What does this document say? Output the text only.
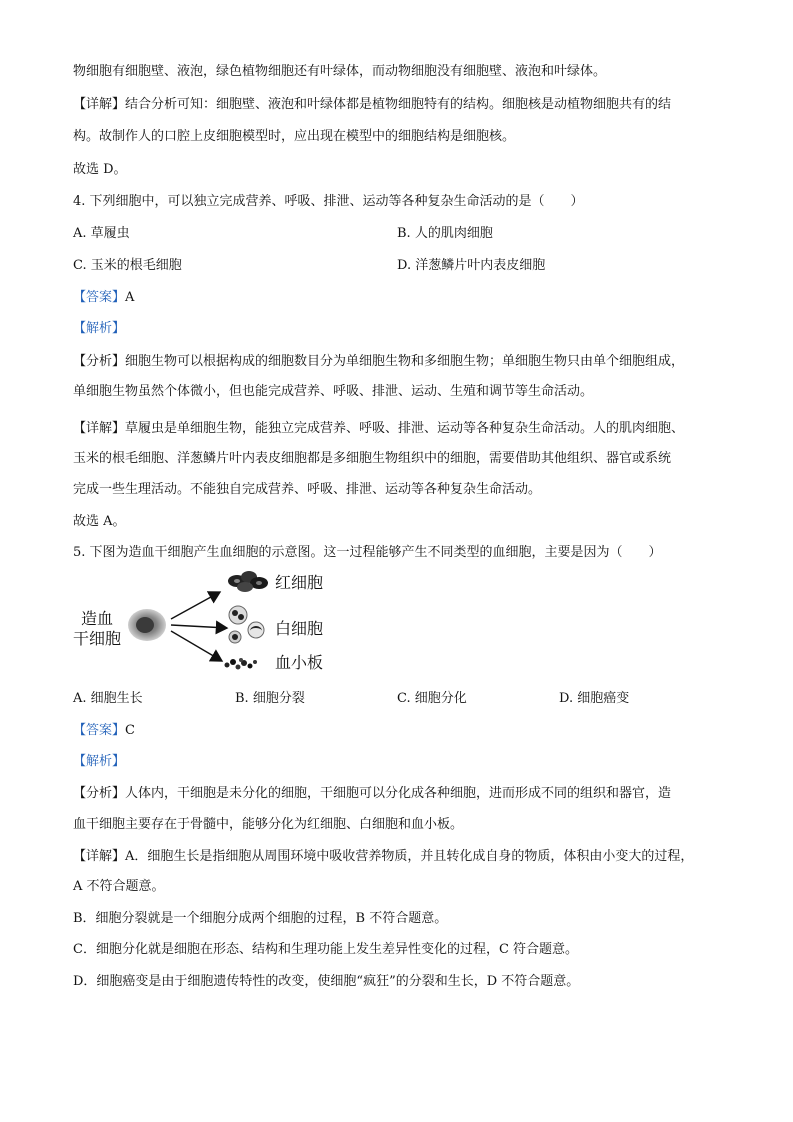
物细胞有细胞壁、液泡，绿色植物细胞还有叶绿体，而动物细胞没有细胞壁、液泡和叶绿体。
【详解】结合分析可知：细胞壁、液泡和叶绿体都是植物细胞特有的结构。细胞核是动植物细胞共有的结
构。故制作人的口腔上皮细胞模型时，应出现在模型中的细胞结构是细胞核。
故选 D。
4. 下列细胞中，可以独立完成营养、呼吸、排泄、运动等各种复杂生命活动的是（　　）
A. 草履虫	B. 人的肌肉细胞
C. 玉米的根毛细胞	D. 洋葱鳞片叶内表皮细胞
【答案】A
【解析】
【分析】细胞生物可以根据构成的细胞数目分为单细胞生物和多细胞生物；单细胞生物只由单个细胞组成，
单细胞生物虽然个体微小，但也能完成营养、呼吸、排泄、运动、生殖和调节等生命活动。
【详解】草履虫是单细胞生物，能独立完成营养、呼吸、排泄、运动等各种复杂生命活动。人的肌肉细胞、
玉米的根毛细胞、洋葱鳞片叶内表皮细胞都是多细胞生物组织中的细胞，需要借助其他组织、器官或系统
完成一些生理活动。不能独自完成营养、呼吸、排泄、运动等各种复杂生命活动。
故选 A。
5. 下图为造血干细胞产生血细胞的示意图。这一过程能够产生不同类型的血细胞，主要是因为（　　）
造血
干细胞
红细胞
白细胞
血小板
A. 细胞生长	B. 细胞分裂	C. 细胞分化	D. 细胞癌变
【答案】C
【解析】
【分析】人体内，干细胞是未分化的细胞，干细胞可以分化成各种细胞，进而形成不同的组织和器官，造
血干细胞主要存在于骨髓中，能够分化为红细胞、白细胞和血小板。
【详解】A．细胞生长是指细胞从周围环境中吸收营养物质，并且转化成自身的物质，体积由小变大的过程，
A 不符合题意。
B．细胞分裂就是一个细胞分成两个细胞的过程，B 不符合题意。
C．细胞分化就是细胞在形态、结构和生理功能上发生差异性变化的过程，C 符合题意。
D．细胞癌变是由于细胞遗传特性的改变，使细胞“疯狂”的分裂和生长，D 不符合题意。
